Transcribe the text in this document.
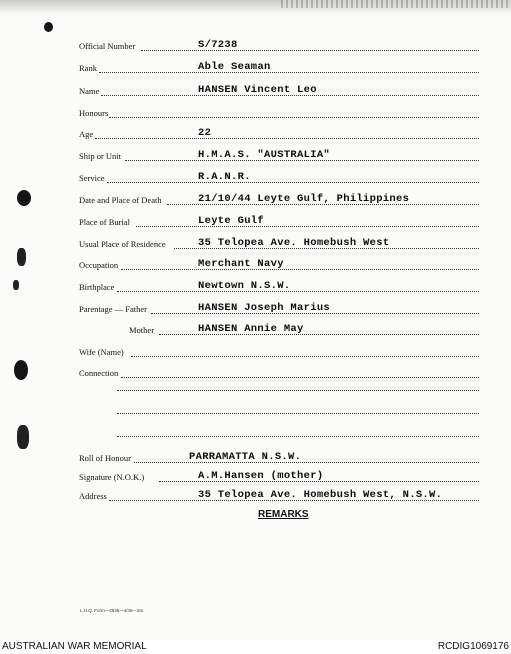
Official Number	S/7238
Rank	Able Seaman
Name	HANSEN Vincent Leo
Honours
Age	22
Ship or Unit	H.M.A.S. "AUSTRALIA"
Service	R.A.N.R.
Date and Place of Death	21/10/44 Leyte Gulf, Philippines
Place of Burial	Leyte Gulf
Usual Place of Residence	35 Telopea Ave. Homebush West
Occupation	Merchant Navy
Birthplace	Newtown N.S.W.
Parentage — Father	HANSEN Joseph Marius
Mother	HANSEN Annie May
Wife (Name)
Connection
Roll of Honour	PARRAMATTA N.S.W.
Signature (N.O.K.)	A.M.Hansen (mother)
Address	35 Telopea Ave. Homebush West, N.S.W.
REMARKS
L.H.Q. Form—2535—4/45—2m.
AUSTRALIAN WAR MEMORIAL	RCDIG1069176
